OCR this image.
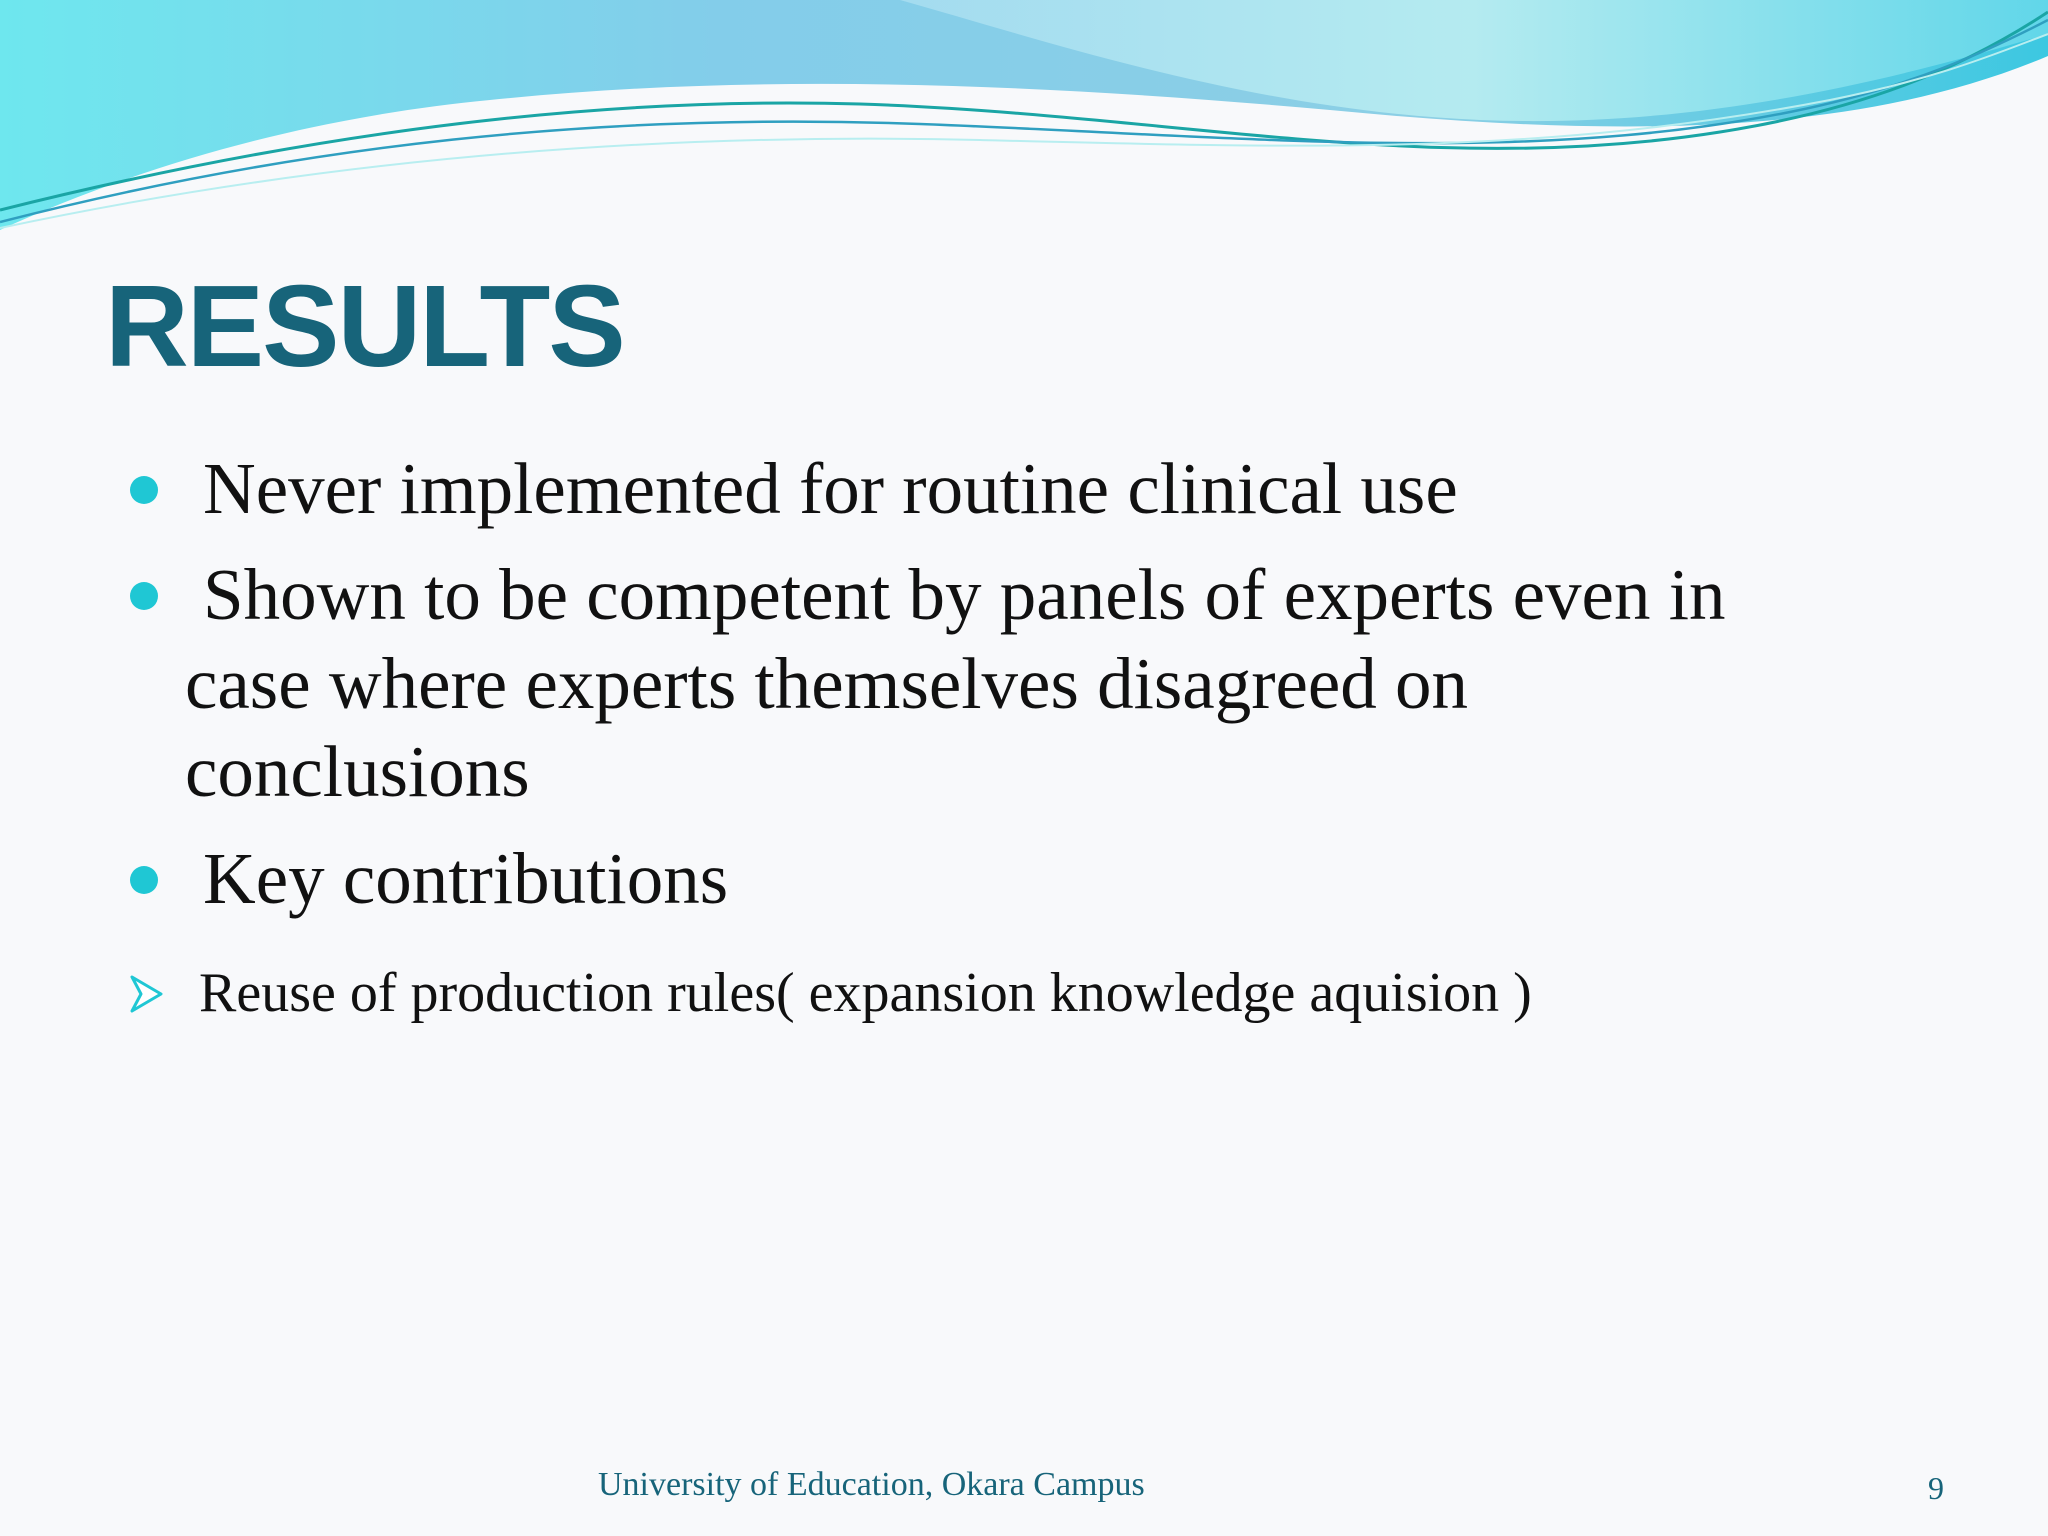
RESULTS
Never implemented for routine clinical use
Shown to be competent by panels of experts even in
case where experts themselves disagreed on
conclusions
Key contributions
Reuse of production rules( expansion knowledge aquision )
University of Education, Okara Campus	9
